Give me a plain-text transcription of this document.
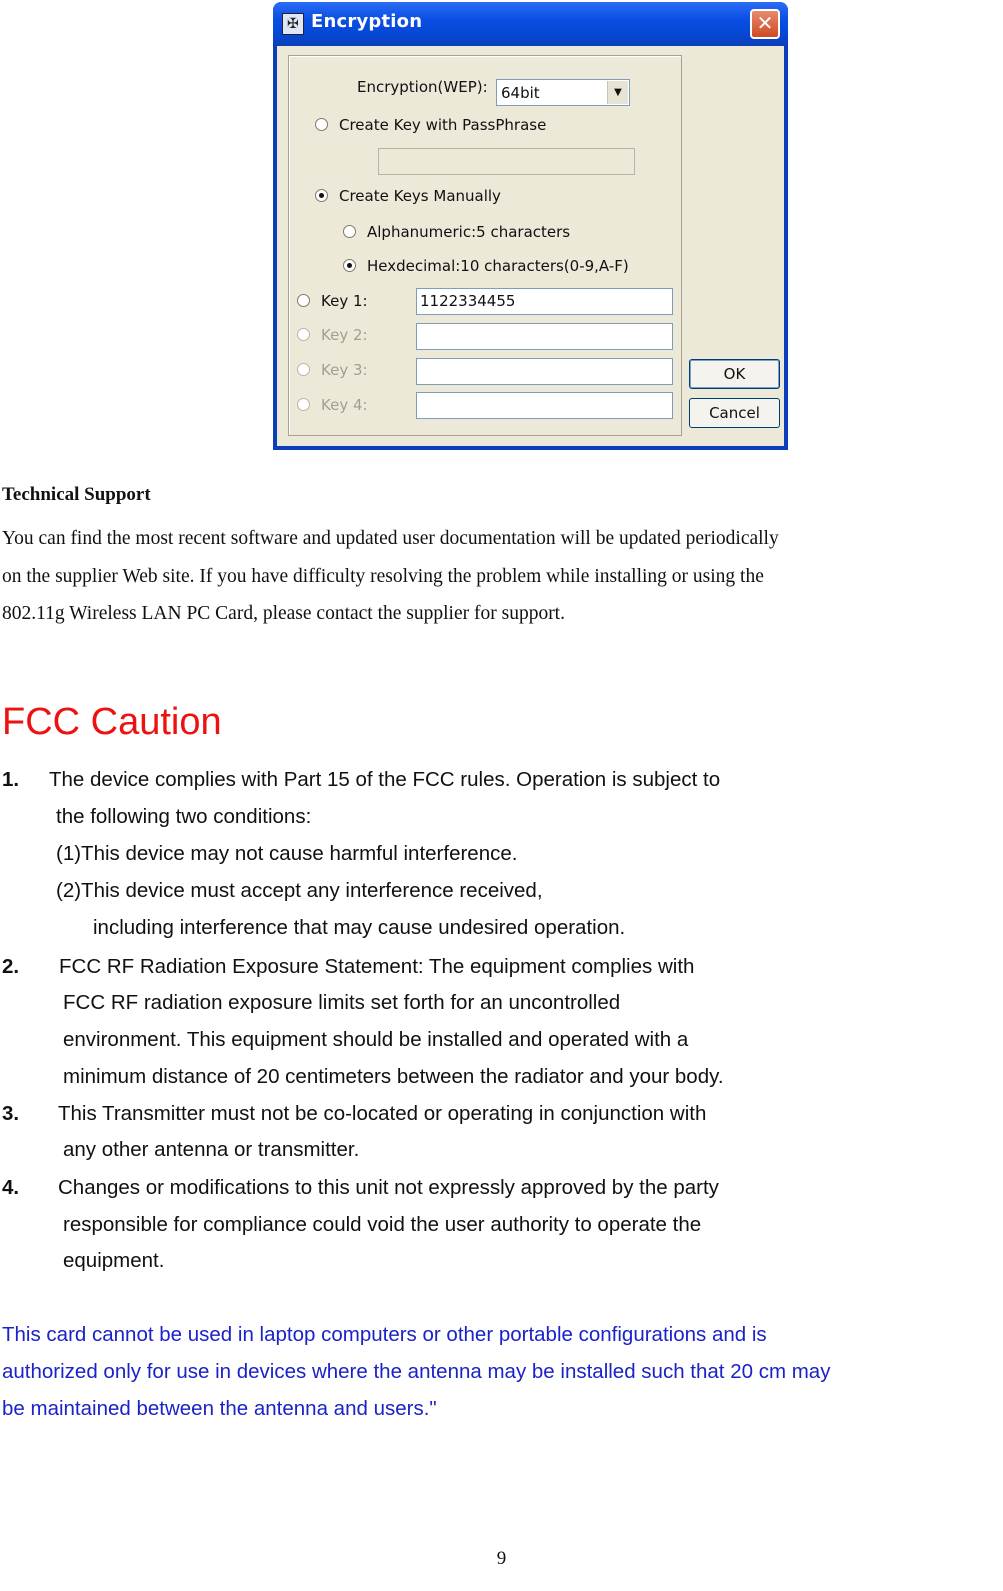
✠ Encryption	✕
Encryption(WEP): 64bit	▼
Create Key with PassPhrase
Create Keys Manually
Alphanumeric:5 characters
Hexdecimal:10 characters(0-9,A-F)
Key 1:	1122334455
Key 2:
Key 3:
Key 4:
OK
Cancel
Technical Support
You can find the most recent software and updated user documentation will be updated periodically
on the supplier Web site. If you have difficulty resolving the problem while installing or using the
802.11g Wireless LAN PC Card, please contact the supplier for support.
FCC Caution
1. The device complies with Part 15 of the FCC rules. Operation is subject to
the following two conditions:
(1)This device may not cause harmful interference.
(2)This device must accept any interference received,
including interference that may cause undesired operation.
2. FCC RF Radiation Exposure Statement: The equipment complies with
FCC RF radiation exposure limits set forth for an uncontrolled
environment. This equipment should be installed and operated with a
minimum distance of 20 centimeters between the radiator and your body.
3. This Transmitter must not be co-located or operating in conjunction with
any other antenna or transmitter.
4. Changes or modifications to this unit not expressly approved by the party
responsible for compliance could void the user authority to operate the
equipment.
This card cannot be used in laptop computers or other portable configurations and is
authorized only for use in devices where the antenna may be installed such that 20 cm may
be maintained between the antenna and users."
9
